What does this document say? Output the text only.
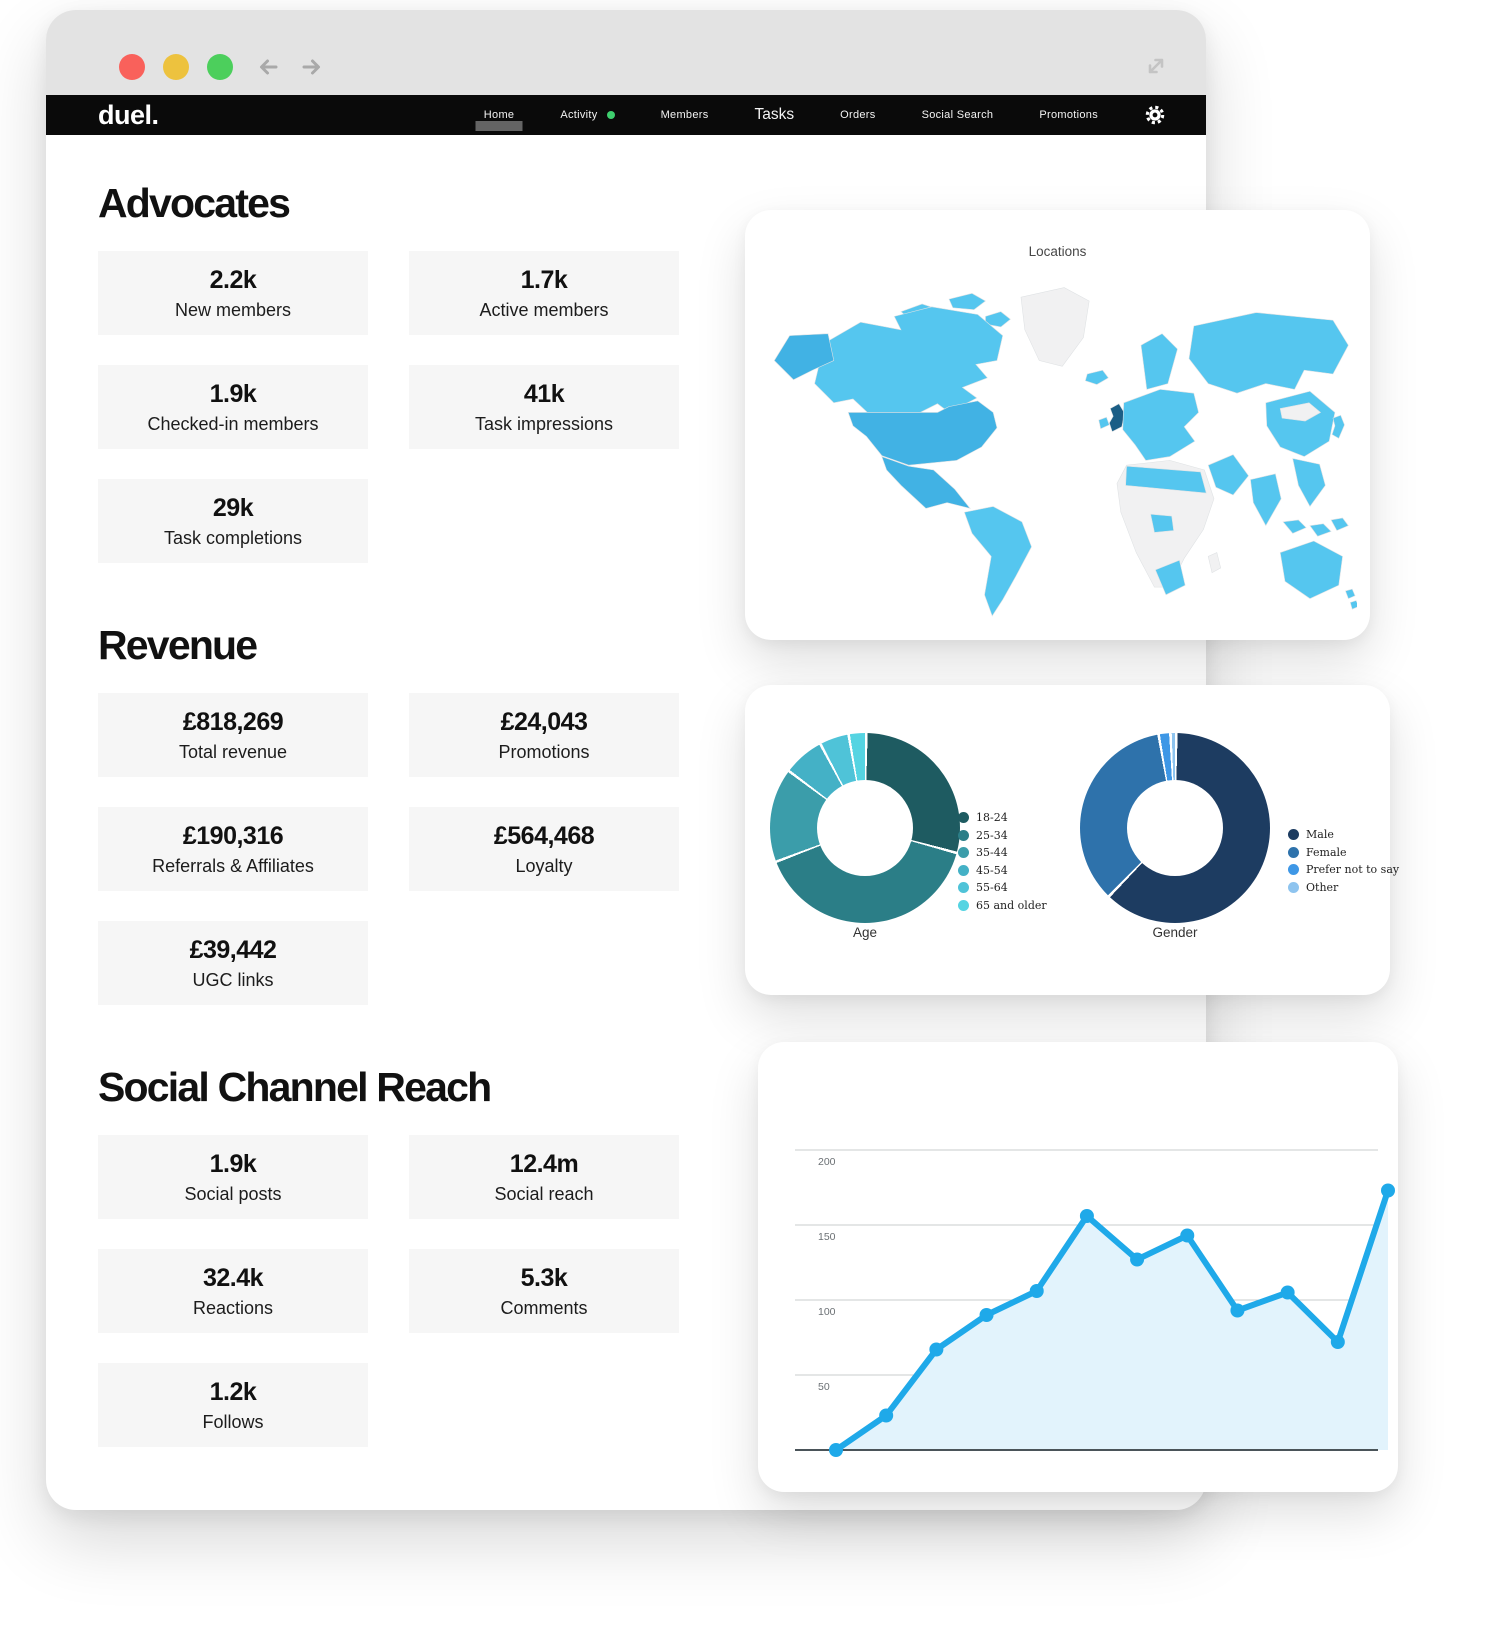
duel.	Home	Activity	Members	Tasks	Orders	Social Search	Promotions
Advocates
2.2k
New members
1.7k
Active members
1.9k
Checked-in members
41k
Task impressions
29k
Task completions
Revenue
£818,269
Total revenue
£24,043
Promotions
£190,316
Referrals & Affiliates
£564,468
Loyalty
£39,442
UGC links
Social Channel Reach
1.9k
Social posts
12.4m
Social reach
32.4k
Reactions
5.3k
Comments
1.2k
Follows
Locations
18-24
25-34
35-44
45-54
55-64
65 and older
Age
Male
Female
Prefer not to say
Other
Gender
50
100
150
200
